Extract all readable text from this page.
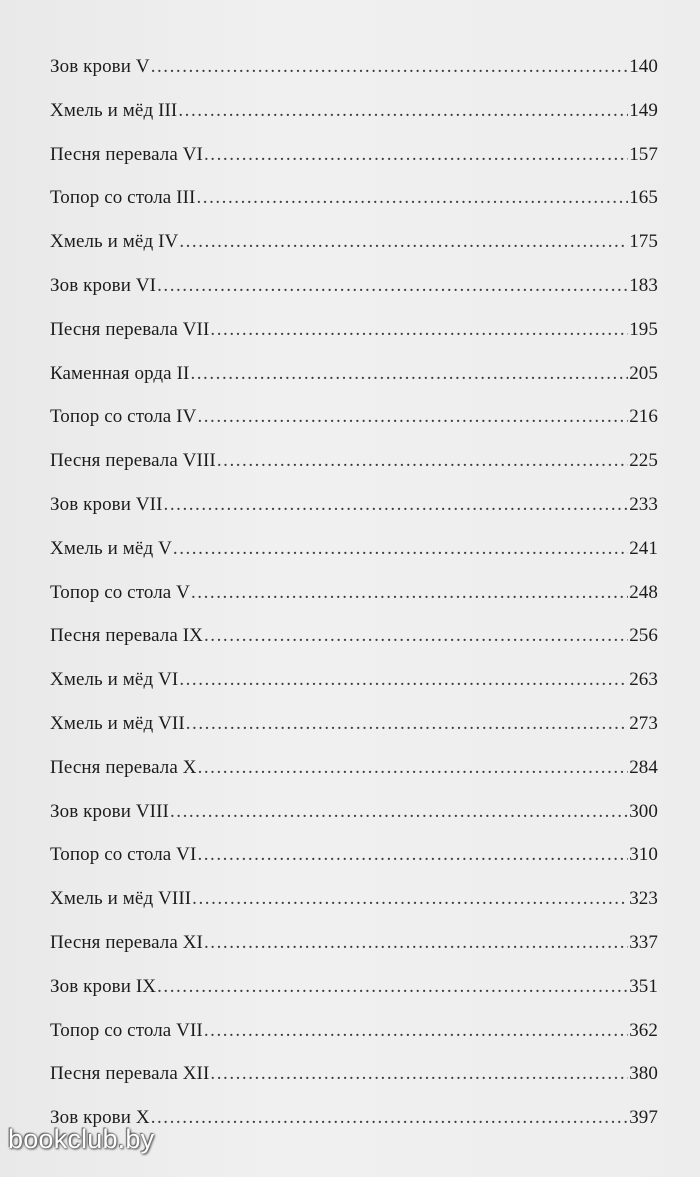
Зов крови V . . .	140
Хмель и мёд III . . .	149
Песня перевала VI . . .	157
Топор со стола III . . .	165
Хмель и мёд IV . . .	175
Зов крови VI . . .	183
Песня перевала VII . . .	195
Каменная орда II . . .	205
Топор со стола IV . . .	216
Песня перевала VIII . . .	225
Зов крови VII . . .	233
Хмель и мёд V . . .	241
Топор со стола V . . .	248
Песня перевала IX . . .	256
Хмель и мёд VI . . .	263
Хмель и мёд VII . . .	273
Песня перевала X . . .	284
Зов крови VIII . . .	300
Топор со стола VI . . .	310
Хмель и мёд VIII . . .	323
Песня перевала XI . . .	337
Зов крови IX . . .	351
Топор со стола VII . . .	362
Песня перевала XII . . .	380
Зов крови X . . .	397
bookclub.by
